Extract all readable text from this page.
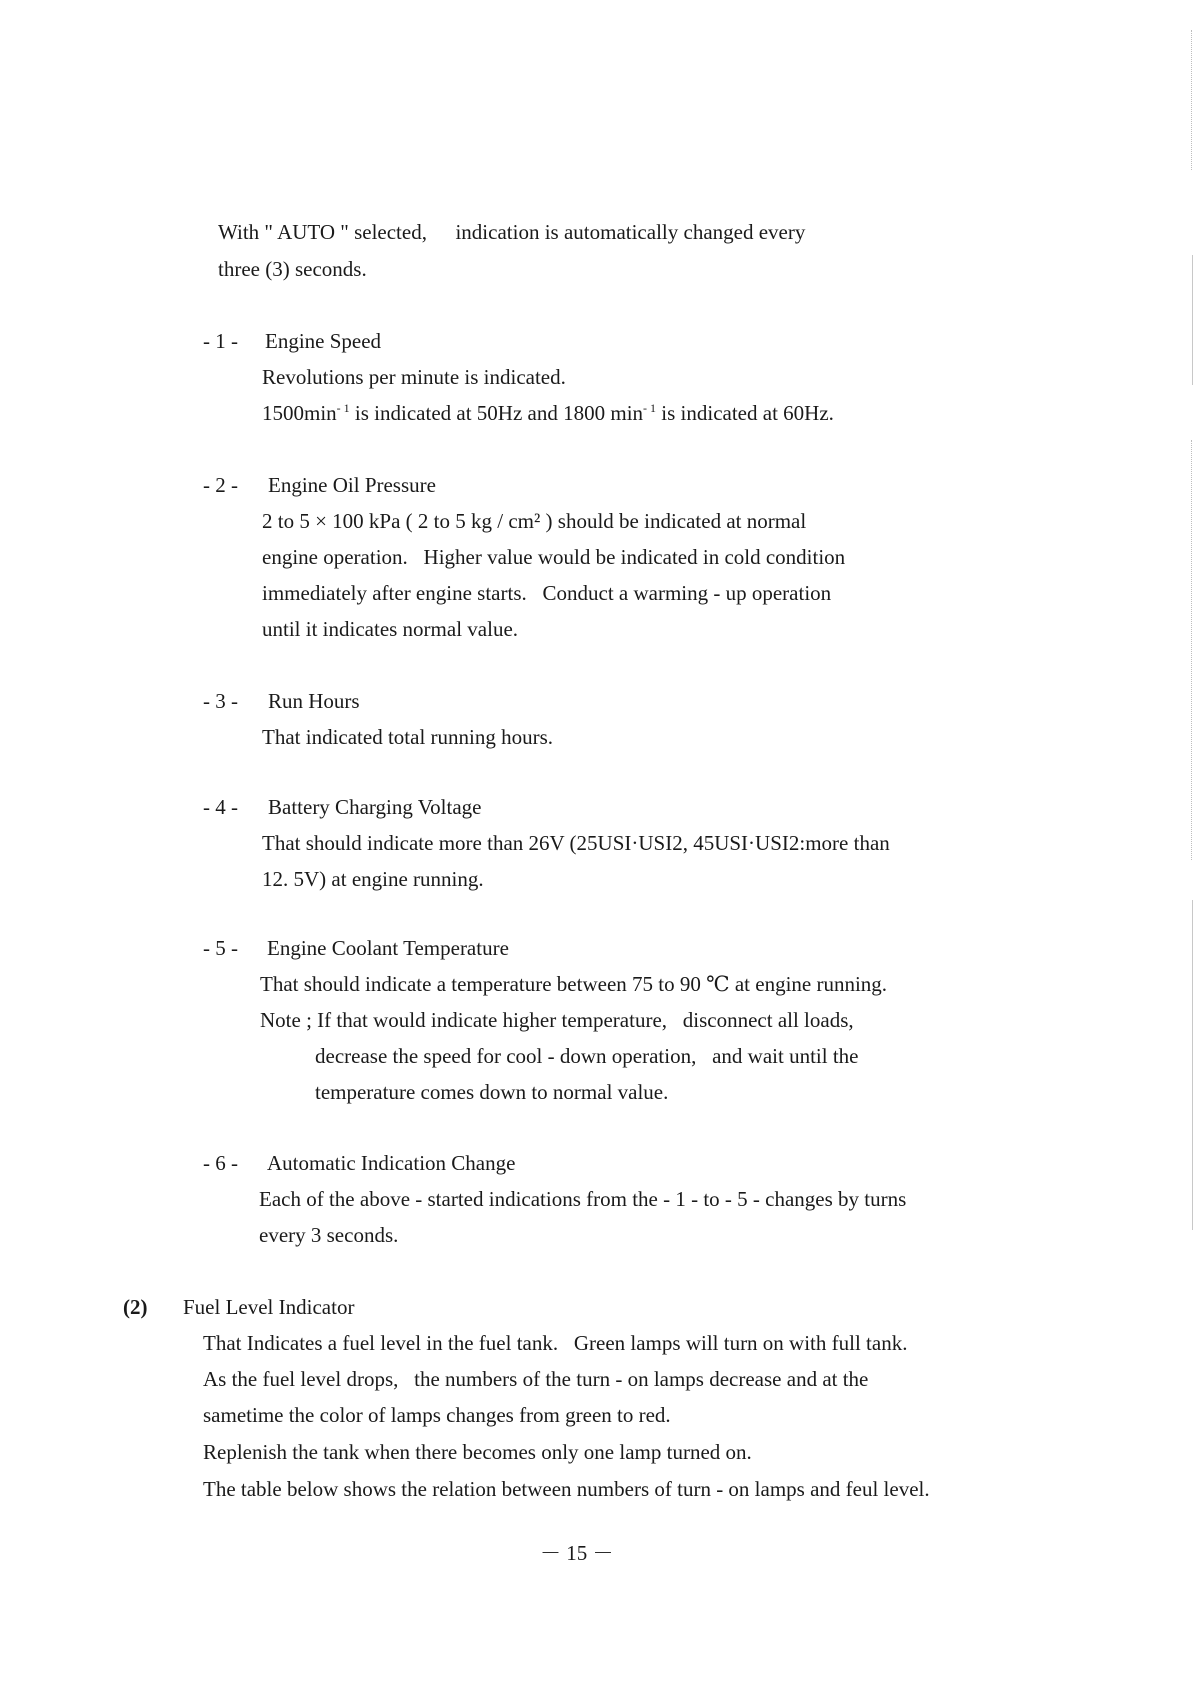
With " AUTO " selected, indication is automatically changed every
three (3) seconds.
- 1 - Engine Speed
Revolutions per minute is indicated.
$1500\min^{- 1}$ is indicated at 50Hz and 1800 $\min^{- 1}$ is indicated at 60Hz.
- 2 - Engine Oil Pressure
2 to 5 × 100 kPa ( 2 to 5 kg / cm² ) should be indicated at normal
engine operation.   Higher value would be indicated in cold condition
immediately after engine starts.   Conduct a warming - up operation
until it indicates normal value.
- 3 - Run Hours
That indicated total running hours.
- 4 - Battery Charging Voltage
That should indicate more than 26V (25USI·USI2, 45USI·USI2:more than
12. 5V) at engine running.
- 5 - Engine Coolant Temperature
That should indicate a temperature between 75 to 90 ℃ at engine running.
Note ; If that would indicate higher temperature,   disconnect all loads,
decrease the speed for cool - down operation,   and wait until the
temperature comes down to normal value.
- 6 - Automatic Indication Change
Each of the above - started indications from the - 1 - to - 5 - changes by turns
every 3 seconds.
(2) Fuel Level Indicator
That Indicates a fuel level in the fuel tank.   Green lamps will turn on with full tank.
As the fuel level drops,   the numbers of the turn - on lamps decrease and at the
sametime the color of lamps changes from green to red.
Replenish the tank when there becomes only one lamp turned on.
The table below shows the relation between numbers of turn - on lamps and feul level.
－ 15 －
